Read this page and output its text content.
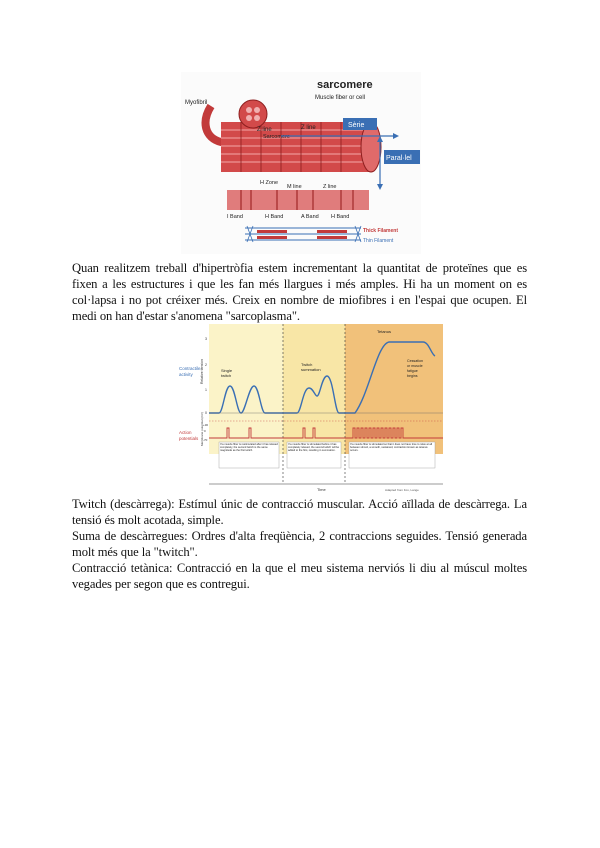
sarcomere
Muscle fiber or cell
Myofibril
Z line
Sarcomere
Z line	Sèrie
Paral·lel
H Zone
M line	Z line
I Band	H Band	A Band H Band
Thick Filament
Thin Filament
Quan realitzem treball d'hipertròfia estem incrementant la quantitat de proteïnes que es fixen a les estructures i que les fan més llargues i més amples. Hi ha un moment on es col·lapsa i no pot créixer més. Creix en nombre de miofibres i en l'espai que ocupen. El medi on han d'estar s'anomena "sarcoplasma".
Contractile
activity
Action
potentials
Relative tension
Membrane potential (mV)
3
2
1
0
+30
0
-70
Single
twitch
Twitch
summation
Tetanus
Cessation
or muscle
fatigue
begins
If a muscle fiber is restimulated after it has relaxed completely, the second twitch is the same magnitude as the first twitch.
If a muscle fiber is stimulated before it has completely relaxed, the second twitch will be added to the first, resulting in summation.
If a muscle fiber is stimulated so that it does not have time to relax at all between stimuli, a smooth, sustained, contraction known as tetanus occurs.
Time	Adapted from Fox, Lange
Twitch (descàrrega): Estímul únic de contracció muscular. Acció aïllada de descàrrega. La tensió és molt acotada, simple.
Suma de descàrregues: Ordres d'alta freqüència, 2 contraccions seguides. Tensió generada molt més que la "twitch".
Contracció tetànica: Contracció en la que el meu sistema nerviós li diu al múscul moltes vegades per segon que es contregui.
